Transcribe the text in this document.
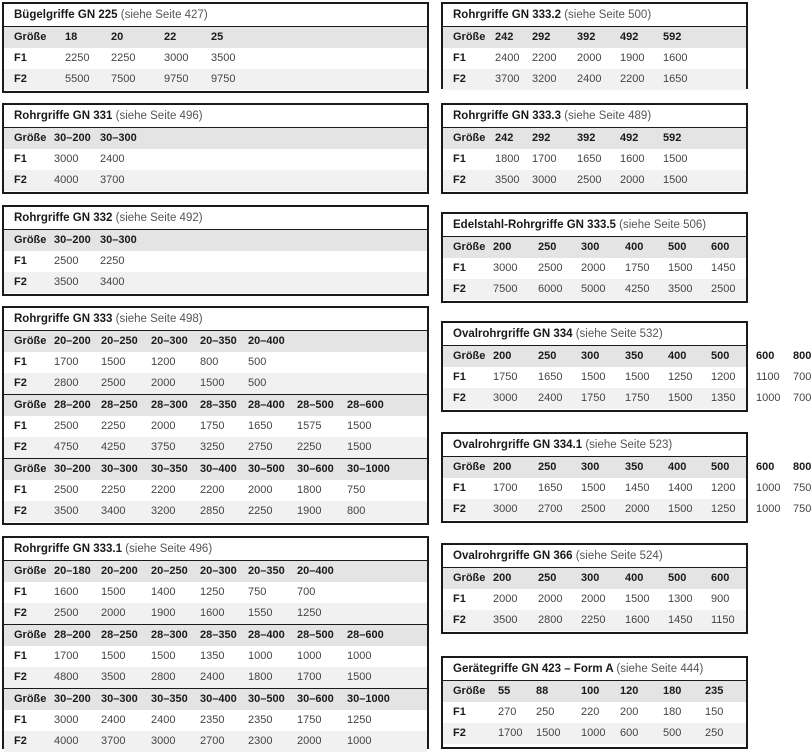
Bügelgriffe GN 225 (siehe Seite 427)
Größe 18	20	22	25
F1	2250 2250	3000 3500
F2	5500 7500	9750 9750
Rohrgriffe GN 331 (siehe Seite 496)
Größe 30–200 30–300
F1 3000 2400
F2 4000 3700
Rohrgriffe GN 332 (siehe Seite 492)
Größe 30–200 30–300
F1 2500 2250
F2 3500 3400
Rohrgriffe GN 333 (siehe Seite 498)
Größe 20–200 20–250 20–300 20–350 20–400
F1 1700 1500 1200 800	500
F2 2800 2500 2000 1500 500
Größe 28–200 28–250 28–300 28–350 28–400 28–500 28–600
F1 2500 2250 2000 1750 1650 1575 1500
F2 4750 4250 3750 3250 2750 2250 1500
Größe 30–200 30–300 30–350 30–400 30–500 30–600 30–1000
F1 2500 2250 2200 2200 2000 1800 750
F2 3500 3400 3200 2850 2250 1900 800
Rohrgriffe GN 333.1 (siehe Seite 496)
Größe 20–180 20–200 20–250 20–300 20–350 20–400
F1 1600 1500 1400 1250 750	700
F2 2500 2000 1900 1600 1550 1250
Größe 28–200 28–250 28–300 28–350 28–400 28–500 28–600
F1 1700 1500 1500 1350 1000 1000 1000
F2 4800 3500 2800 2400 1800 1700 1500
Größe 30–200 30–300 30–350 30–400 30–500 30–600 30–1000
F1 3000 2400 2400 2350 2350 1750 1250
F2 4000 3700 3000 2700 2300 2000 1000
Rohrgriffe GN 333.2 (siehe Seite 500)
Größe 242 292 392 492 592
F1	2400 2200 2000 1900 1600
F2	3700 3200 2400 2200 1650
Rohrgriffe GN 333.3 (siehe Seite 489)
Größe 242 292 392 492 592
F1	1800 1700 1650 1600 1500
F2	3500 3000 2500 2000 1500
Edelstahl-Rohrgriffe GN 333.5 (siehe Seite 506)
Größe 200 250 300 400 500 600
F1 3000 2500 2000 1750 1500 1450
F2 7500 6000 5000 4250 3500 2500
Ovalrohrgriffe GN 334 (siehe Seite 532)
Größe 200 250 300 350 400 500 600 800
F1 1750 1650 1500 1500 1250 1200 1100 700
F2 3000 2400 1750 1750 1500 1350 1000 700
Ovalrohrgriffe GN 334.1 (siehe Seite 523)
Größe 200 250 300 350 400 500 600 800
F1 1700 1650 1500 1450 1400 1200 1000 750
F2 3000 2700 2500 2000 1500 1250 1000 750
Ovalrohrgriffe GN 366 (siehe Seite 524)
Größe 200 250 300 400 500 600
F1 2000 2000 2000 1500 1300 900
F2 3500 2800 2250 1600 1450 1150
Gerätegriffe GN 423 – Form A (siehe Seite 444)
Größe 55 88	100 120 180 235
F1	270 250 220 200 180 150
F2	1700 1500 1000 600 500 250
